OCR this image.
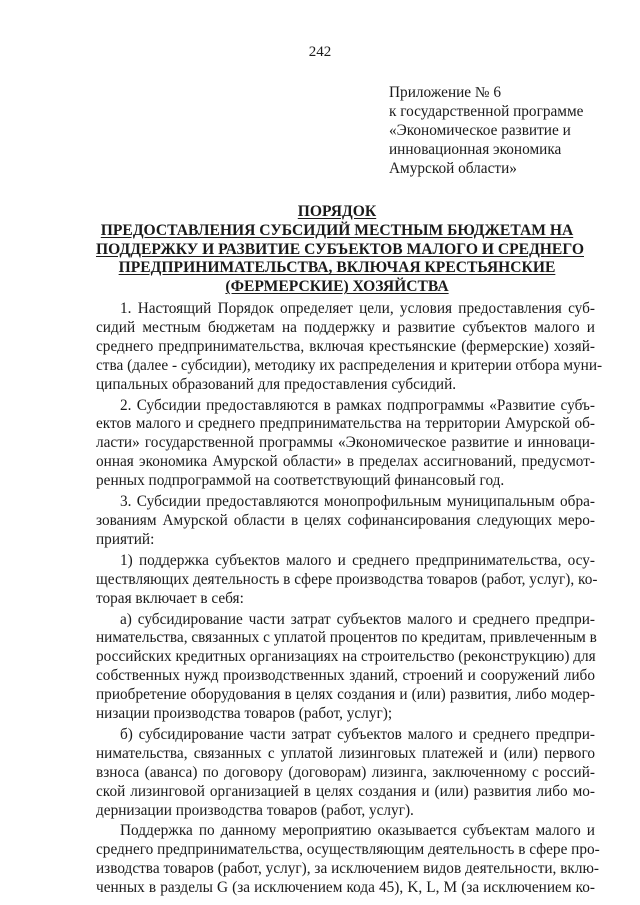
242
Приложение № 6
к государственной программе
«Экономическое развитие и
инновационная экономика
Амурской области»
ПОРЯДОК
ПРЕДОСТАВЛЕНИЯ СУБСИДИЙ МЕСТНЫМ БЮДЖЕТАМ НА
ПОДДЕРЖКУ И РАЗВИТИЕ СУБЪЕКТОВ МАЛОГО И СРЕДНЕГО
ПРЕДПРИНИМАТЕЛЬСТВА, ВКЛЮЧАЯ КРЕСТЬЯНСКИЕ
(ФЕРМЕРСКИЕ) ХОЗЯЙСТВА
1. Настоящий Порядок определяет цели, условия предоставления суб-
сидий местным бюджетам на поддержку и развитие субъектов малого и
среднего предпринимательства, включая крестьянские (фермерские) хозяй-
ства (далее - субсидии), методику их распределения и критерии отбора муни-
ципальных образований для предоставления субсидий.
2. Субсидии предоставляются в рамках подпрограммы «Развитие субъ-
ектов малого и среднего предпринимательства на территории Амурской об-
ласти» государственной программы «Экономическое развитие и инноваци-
онная экономика Амурской области» в пределах ассигнований, предусмот-
ренных подпрограммой на соответствующий финансовый год.
3. Субсидии предоставляются монопрофильным муниципальным обра-
зованиям Амурской области в целях софинансирования следующих меро-
приятий:
1) поддержка субъектов малого и среднего предпринимательства, осу-
ществляющих деятельность в сфере производства товаров (работ, услуг), ко-
торая включает в себя:
а) субсидирование части затрат субъектов малого и среднего предпри-
нимательства, связанных с уплатой процентов по кредитам, привлеченным в
российских кредитных организациях на строительство (реконструкцию) для
собственных нужд производственных зданий, строений и сооружений либо
приобретение оборудования в целях создания и (или) развития, либо модер-
низации производства товаров (работ, услуг);
б) субсидирование части затрат субъектов малого и среднего предпри-
нимательства, связанных с уплатой лизинговых платежей и (или) первого
взноса (аванса) по договору (договорам) лизинга, заключенному с россий-
ской лизинговой организацией в целях создания и (или) развития либо мо-
дернизации производства товаров (работ, услуг).
Поддержка по данному мероприятию оказывается субъектам малого и
среднего предпринимательства, осуществляющим деятельность в сфере про-
изводства товаров (работ, услуг), за исключением видов деятельности, вклю-
ченных в разделы G (за исключением кода 45), K, L, M (за исключением ко-
